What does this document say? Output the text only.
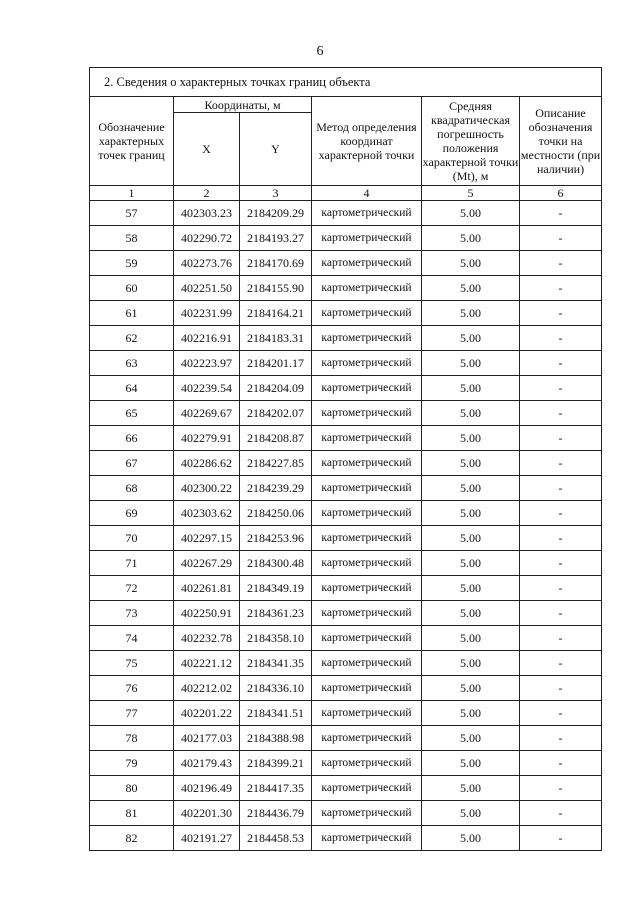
6
2. Сведения о характерных точках границ объекта					
Обозначение характерных точек границ	Координаты, м		Метод определения координат характерной точки	Средняя квадратическая погрешность положения характерной точки (Mt), м	Описание обозначения точки на местности (при наличии)
	X	Y			
1	2	3	4	5	6
57	402303.23	2184209.29	картометрический	5.00	-
58	402290.72	2184193.27	картометрический	5.00	-
59	402273.76	2184170.69	картометрический	5.00	-
60	402251.50	2184155.90	картометрический	5.00	-
61	402231.99	2184164.21	картометрический	5.00	-
62	402216.91	2184183.31	картометрический	5.00	-
63	402223.97	2184201.17	картометрический	5.00	-
64	402239.54	2184204.09	картометрический	5.00	-
65	402269.67	2184202.07	картометрический	5.00	-
66	402279.91	2184208.87	картометрический	5.00	-
67	402286.62	2184227.85	картометрический	5.00	-
68	402300.22	2184239.29	картометрический	5.00	-
69	402303.62	2184250.06	картометрический	5.00	-
70	402297.15	2184253.96	картометрический	5.00	-
71	402267.29	2184300.48	картометрический	5.00	-
72	402261.81	2184349.19	картометрический	5.00	-
73	402250.91	2184361.23	картометрический	5.00	-
74	402232.78	2184358.10	картометрический	5.00	-
75	402221.12	2184341.35	картометрический	5.00	-
76	402212.02	2184336.10	картометрический	5.00	-
77	402201.22	2184341.51	картометрический	5.00	-
78	402177.03	2184388.98	картометрический	5.00	-
79	402179.43	2184399.21	картометрический	5.00	-
80	402196.49	2184417.35	картометрический	5.00	-
81	402201.30	2184436.79	картометрический	5.00	-
82	402191.27	2184458.53	картометрический	5.00	-
